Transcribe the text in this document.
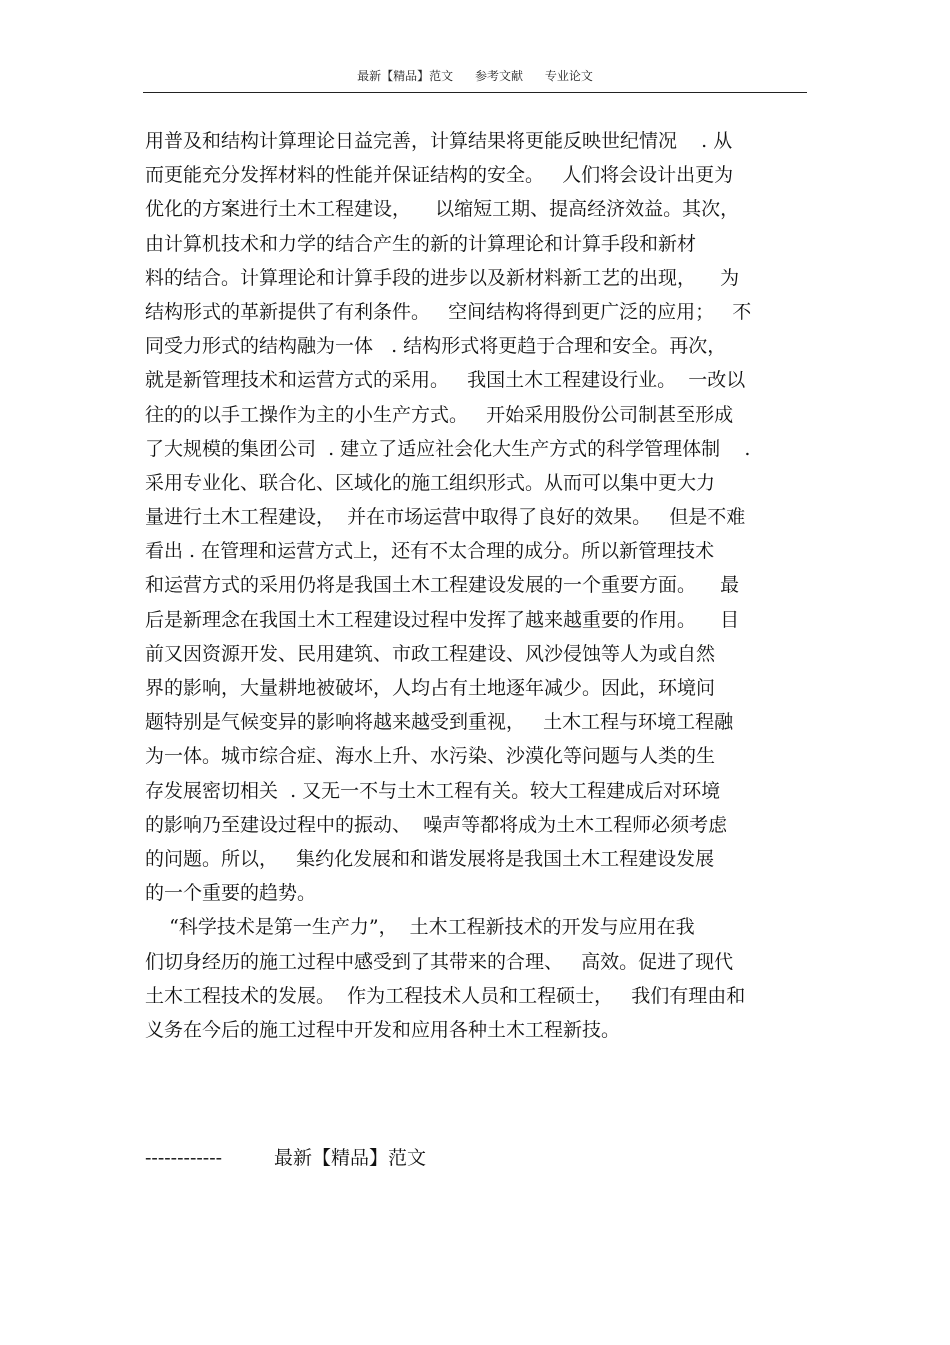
最新【精品】范文 参考文献 专业论文
用普及和结构计算理论日益完善，计算结果将更能反映世纪情况    . 从
而更能充分发挥材料的性能并保证结构的安全。   人们将会设计出更为
优化的方案进行土木工程建设，    以缩短工期、提高经济效益。其次，
由计算机技术和力学的结合产生的新的计算理论和计算手段和新材
料的结合。计算理论和计算手段的进步以及新材料新工艺的出现，    为
结构形式的革新提供了有利条件。   空间结构将得到更广泛的应用；   不
同受力形式的结构融为一体   . 结构形式将更趋于合理和安全。再次，
就是新管理技术和运营方式的采用。   我国土木工程建设行业。  一改以
往的的以手工操作为主的小生产方式。   开始采用股份公司制甚至形成
了大规模的集团公司  . 建立了适应社会化大生产方式的科学管理体制    .
采用专业化、联合化、区域化的施工组织形式。从而可以集中更大力
量进行土木工程建设，  并在市场运营中取得了良好的效果。   但是不难
看出 . 在管理和运营方式上，还有不太合理的成分。所以新管理技术
和运营方式的采用仍将是我国土木工程建设发展的一个重要方面。    最
后是新理念在我国土木工程建设过程中发挥了越来越重要的作用。    目
前又因资源开发、民用建筑、市政工程建设、风沙侵蚀等人为或自然
界的影响，大量耕地被破坏，人均占有土地逐年减少。因此，环境问
题特别是气候变异的影响将越来越受到重视，   土木工程与环境工程融
为一体。城市综合症、海水上升、水污染、沙漠化等问题与人类的生
存发展密切相关  . 又无一不与土木工程有关。较大工程建成后对环境
的影响乃至建设过程中的振动、  噪声等都将成为土木工程师必须考虑
的问题。所以，   集约化发展和和谐发展将是我国土木工程建设发展
的一个重要的趋势。
“科学技术是第一生产力”，  土木工程新技术的开发与应用在我
们切身经历的施工过程中感受到了其带来的合理、   高效。促进了现代
土木工程技术的发展。  作为工程技术人员和工程硕士，   我们有理由和
义务在今后的施工过程中开发和应用各种土木工程新技。
------------	最新【精品】范文
